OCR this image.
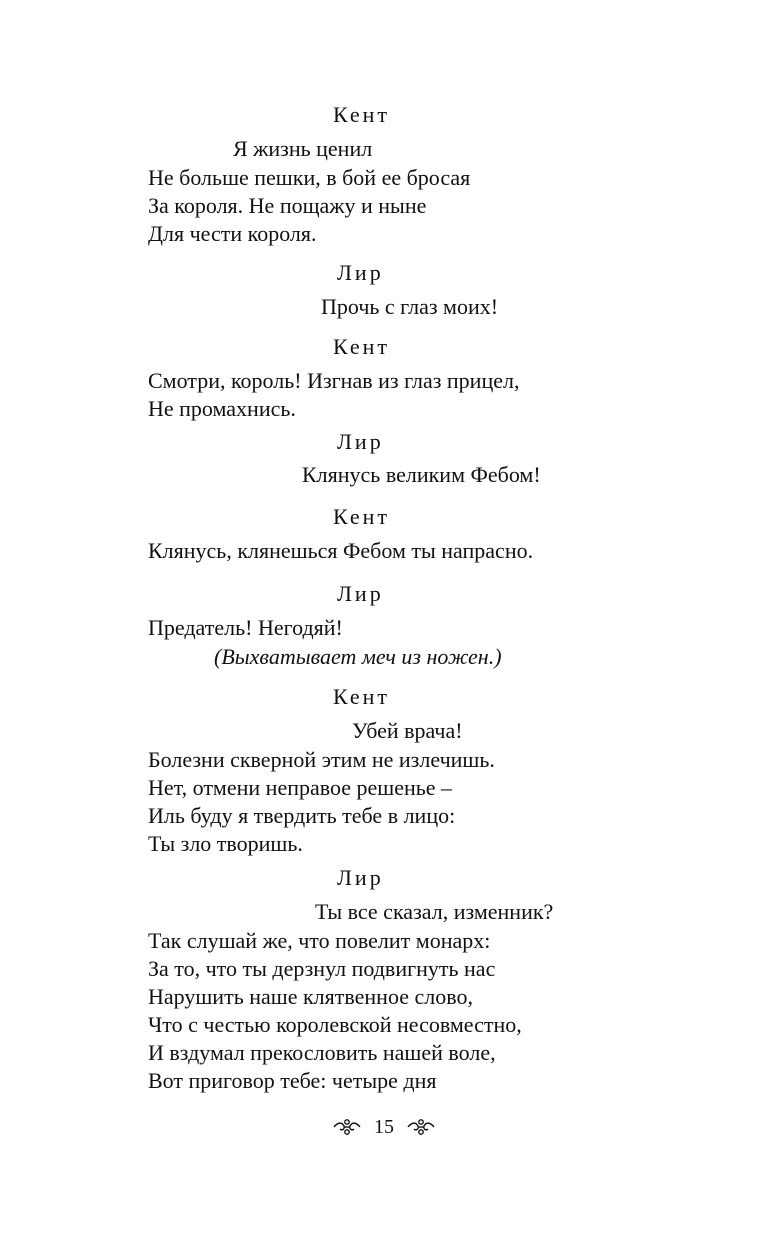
Кент
Я жизнь ценил
Не больше пешки, в бой ее бросая
За короля. Не пощажу и ныне
Для чести короля.
Лир
Прочь с глаз моих!
Кент
Смотри, король! Изгнав из глаз прицел,
Не промахнись.
Лир
Клянусь великим Фебом!
Кент
Клянусь, клянешься Фебом ты напрасно.
Лир
Предатель! Негодяй!
(Выхватывает меч из ножен.)
Кент
Убей врача!
Болезни скверной этим не излечишь.
Нет, отмени неправое решенье –
Иль буду я твердить тебе в лицо:
Ты зло творишь.
Лир
Ты все сказал, изменник?
Так слушай же, что повелит монарх:
За то, что ты дерзнул подвигнуть нас
Нарушить наше клятвенное слово,
Что с честью королевской несовместно,
И вздумал прекословить нашей воле,
Вот приговор тебе: четыре дня
15
